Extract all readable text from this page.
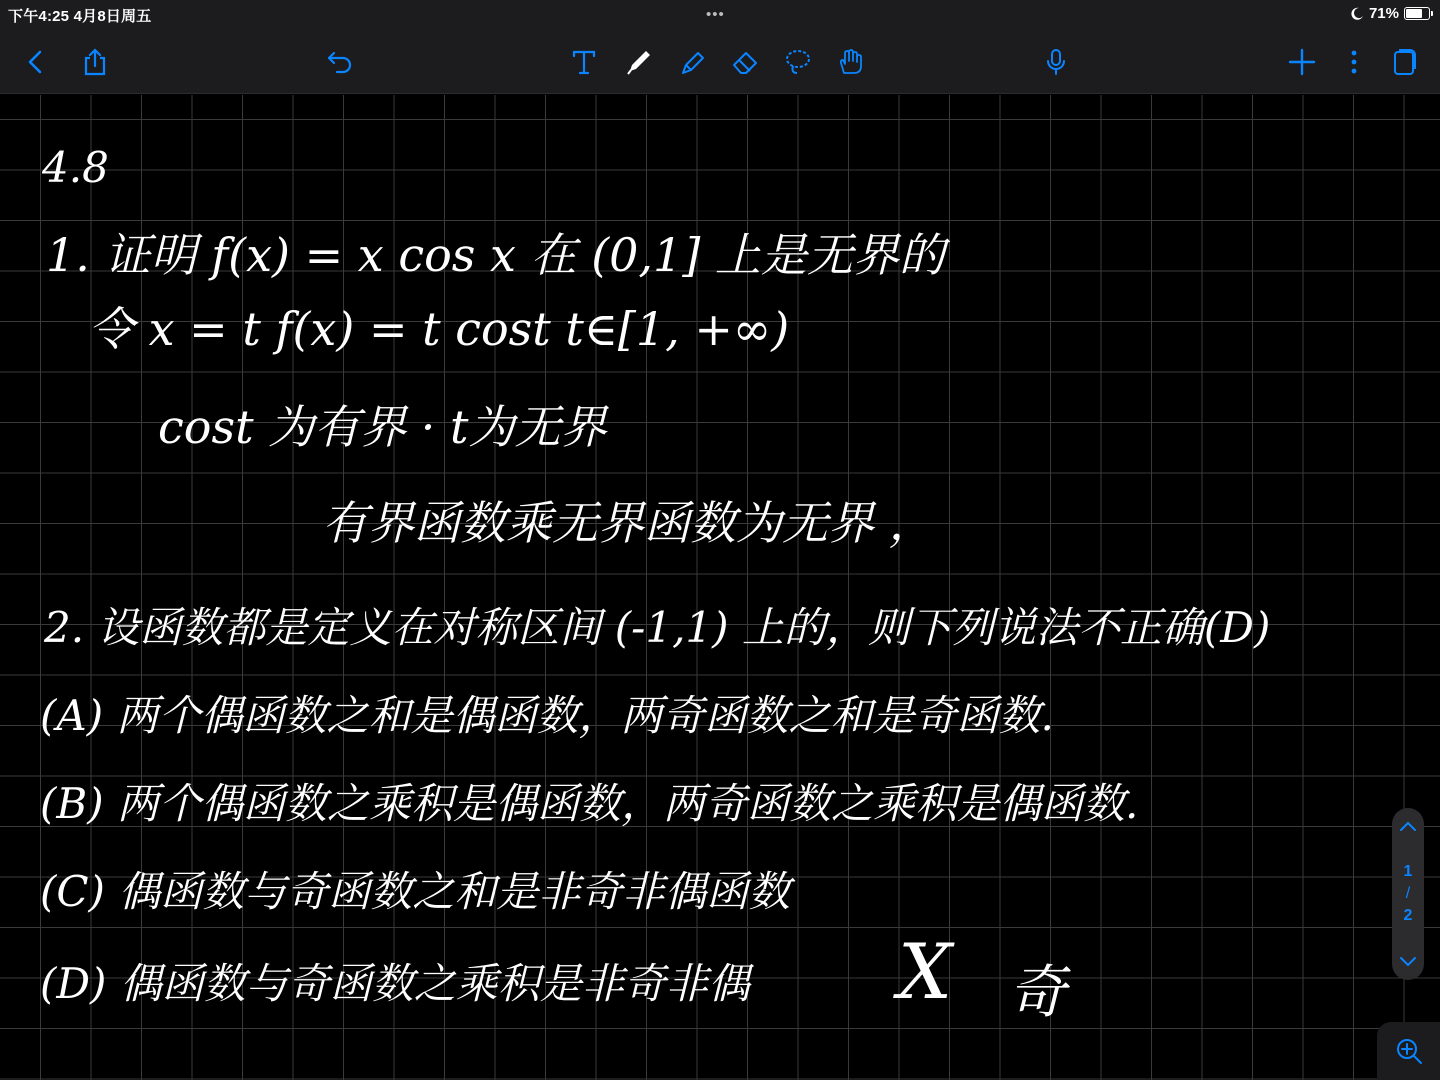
下午4:25 4月8日周五	•••	71%
4.8
1. 证明 f(x) = x cos x 在 (0,1] 上是无界的
令 x = t f(x) = t cost t∈[1, +∞)
cost 为有界 · t为无界
有界函数乘无界函数为无界 ，
2. 设函数都是定义在对称区间 (-1,1) 上的，则下列说法不正确(D)
(A) 两个偶函数之和是偶函数，两奇函数之和是奇函数.
(B) 两个偶函数之乘积是偶函数，两奇函数之乘积是偶函数.
(C) 偶函数与奇函数之和是非奇非偶函数
(D) 偶函数与奇函数之乘积是非奇非偶 X 奇
1
/
2
